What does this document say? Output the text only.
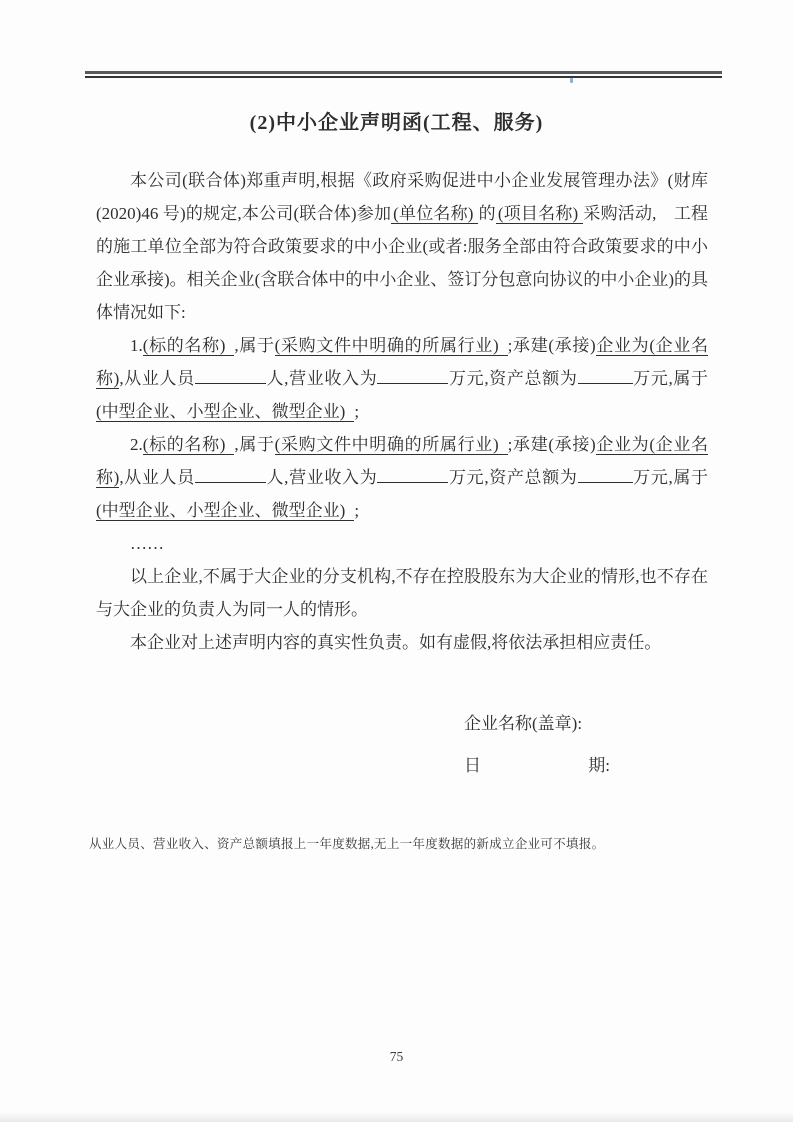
(2)中小企业声明函(工程、服务)

本公司(联合体)郑重声明,根据《政府采购促进中小企业发展管理办法》(财库(2020)46 号)的规定,本公司(联合体)参加 (单位名称) 的 (项目名称) 采购活动,　工程的施工单位全部为符合政策要求的中小企业(或者:服务全部由符合政策要求的中小企业承接)。相关企业(含联合体中的中小企业、签订分包意向协议的中小企业)的具体情况如下:

1.(标的名称) ,属于(采购文件中明确的所属行业) ;承建(承接)企业为(企业名称),从业人员	人,营业收入为	万元,资产总额为	万元,属于(中型企业、小型企业、微型企业) ;

2.(标的名称) ,属于(采购文件中明确的所属行业) ;承建(承接)企业为(企业名称),从业人员	人,营业收入为	万元,资产总额为	万元,属于(中型企业、小型企业、微型企业) ;

……

以上企业,不属于大企业的分支机构,不存在控股股东为大企业的情形,也不存在与大企业的负责人为同一人的情形。

本企业对上述声明内容的真实性负责。如有虚假,将依法承担相应责任。

企业名称(盖章):

日	期:

从业人员、营业收入、资产总额填报上一年度数据,无上一年度数据的新成立企业可不填报。
75
